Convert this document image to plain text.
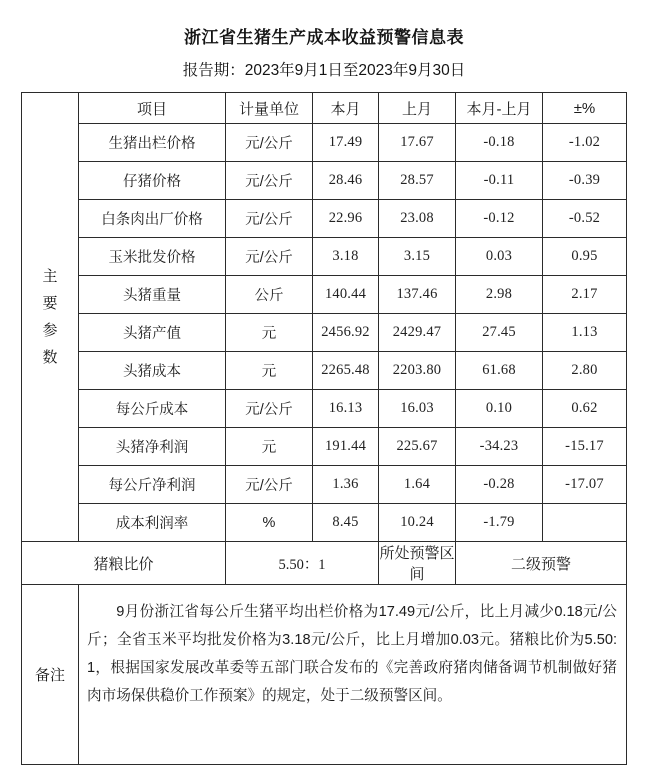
浙江省生猪生产成本收益预警信息表
报告期：2023年9月1日至2023年9月30日
主
要
参
数	项目	计量单位	本月	上月	本月-上月	±%
	生猪出栏价格	元/公斤	17.49	17.67	-0.18	-1.02
	仔猪价格	元/公斤	28.46	28.57	-0.11	-0.39
	白条肉出厂价格	元/公斤	22.96	23.08	-0.12	-0.52
	玉米批发价格	元/公斤	3.18	3.15	0.03	0.95
	头猪重量	公斤	140.44	137.46	2.98	2.17
	头猪产值	元	2456.92	2429.47	27.45	1.13
	头猪成本	元	2265.48	2203.80	61.68	2.80
	每公斤成本	元/公斤	16.13	16.03	0.10	0.62
	头猪净利润	元	191.44	225.67	-34.23	-15.17
	每公斤净利润	元/公斤	1.36	1.64	-0.28	-17.07
	成本利润率	%	8.45	10.24	-1.79	
猪粮比价		5.50：1		所处预警区间	二级预警	
备注	9月份浙江省每公斤生猪平均出栏价格为17.49元/公斤，比上月减少0.18元/公斤；全省玉米平均批发价格为3.18元/公斤，比上月增加0.03元。猪粮比价为5.50:1，根据国家发展改革委等五部门联合发布的《完善政府猪肉储备调节机制做好猪肉市场保供稳价工作预案》的规定，处于二级预警区间。					
